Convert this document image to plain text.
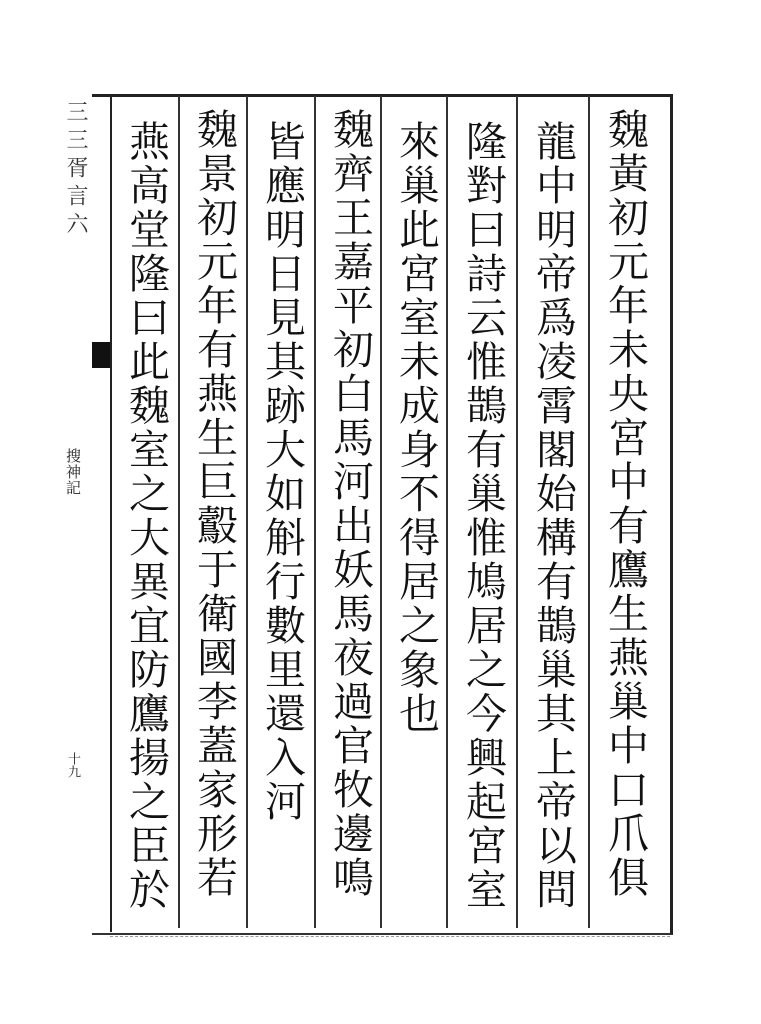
三三胥言六
搜神記
十九
魏黃初元年未央宮中有鷹生燕巢中口爪俱
龍中明帝爲凌霄閣始構有鵲巢其上帝以問
隆對曰詩云惟鵲有巢惟鳩居之今興起宮室
來巢此宮室未成身不得居之象也
魏齊王嘉平初白馬河出妖馬夜過官牧邊鳴
皆應明日見其跡大如斛行數里還入河
魏景初元年有燕生巨鷇于衛國李蓋家形若
燕高堂隆曰此魏室之大異宜防鷹揚之臣於
